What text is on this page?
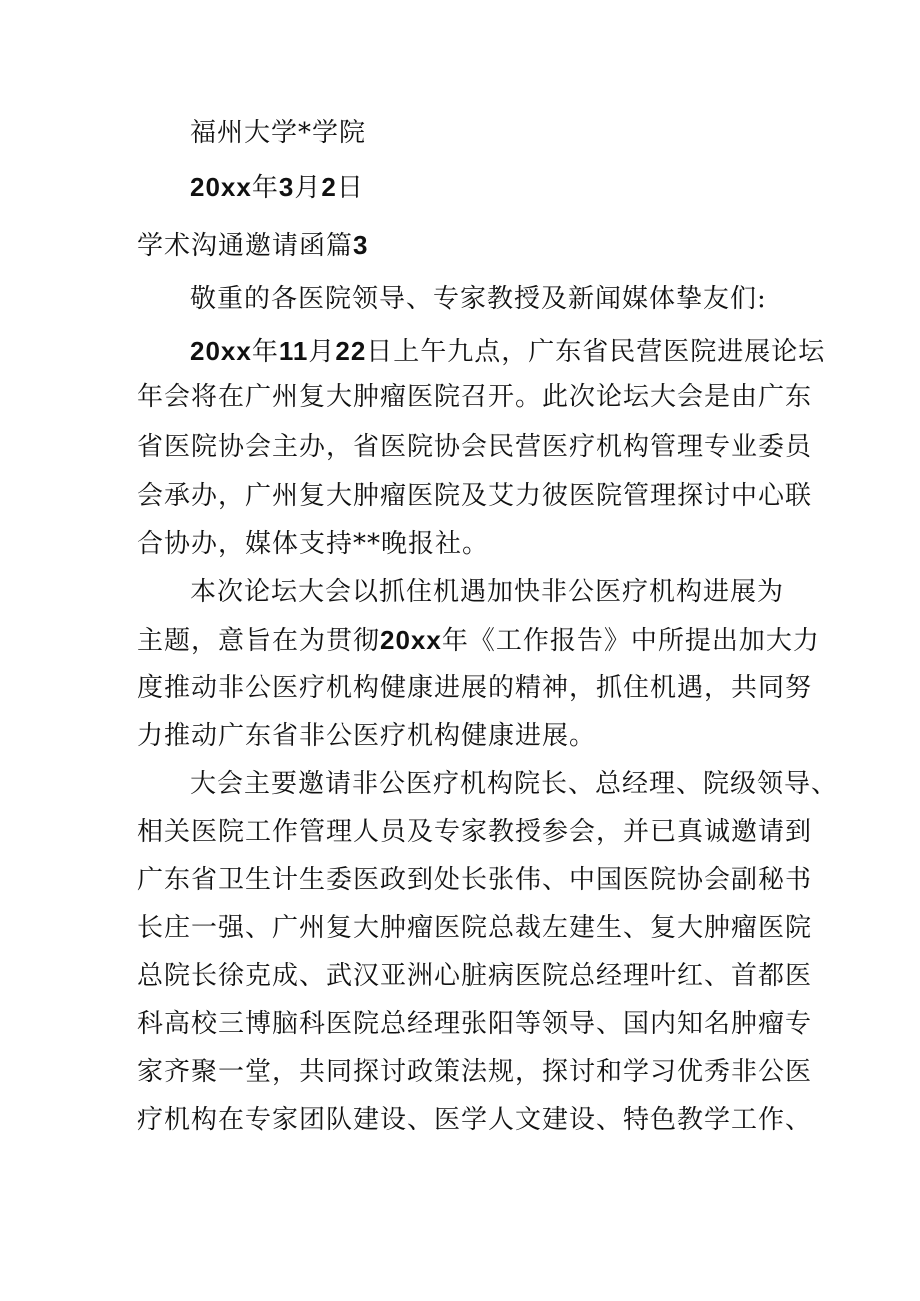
福州大学*学院
20xx年3月2日
学术沟通邀请函篇3
敬重的各医院领导、专家教授及新闻媒体挚友们:
20xx年11月22日上午九点，广东省民营医院进展论坛
年会将在广州复大肿瘤医院召开。此次论坛大会是由广东
省医院协会主办，省医院协会民营医疗机构管理专业委员
会承办，广州复大肿瘤医院及艾力彼医院管理探讨中心联
合协办，媒体支持**晚报社。
本次论坛大会以抓住机遇加快非公医疗机构进展为
主题，意旨在为贯彻20xx年《工作报告》中所提出加大力
度推动非公医疗机构健康进展的精神，抓住机遇，共同努
力推动广东省非公医疗机构健康进展。
大会主要邀请非公医疗机构院长、总经理、院级领导、
相关医院工作管理人员及专家教授参会，并已真诚邀请到
广东省卫生计生委医政到处长张伟、中国医院协会副秘书
长庄一强、广州复大肿瘤医院总裁左建生、复大肿瘤医院
总院长徐克成、武汉亚洲心脏病医院总经理叶红、首都医
科高校三博脑科医院总经理张阳等领导、国内知名肿瘤专
家齐聚一堂，共同探讨政策法规，探讨和学习优秀非公医
疗机构在专家团队建设、医学人文建设、特色教学工作、
